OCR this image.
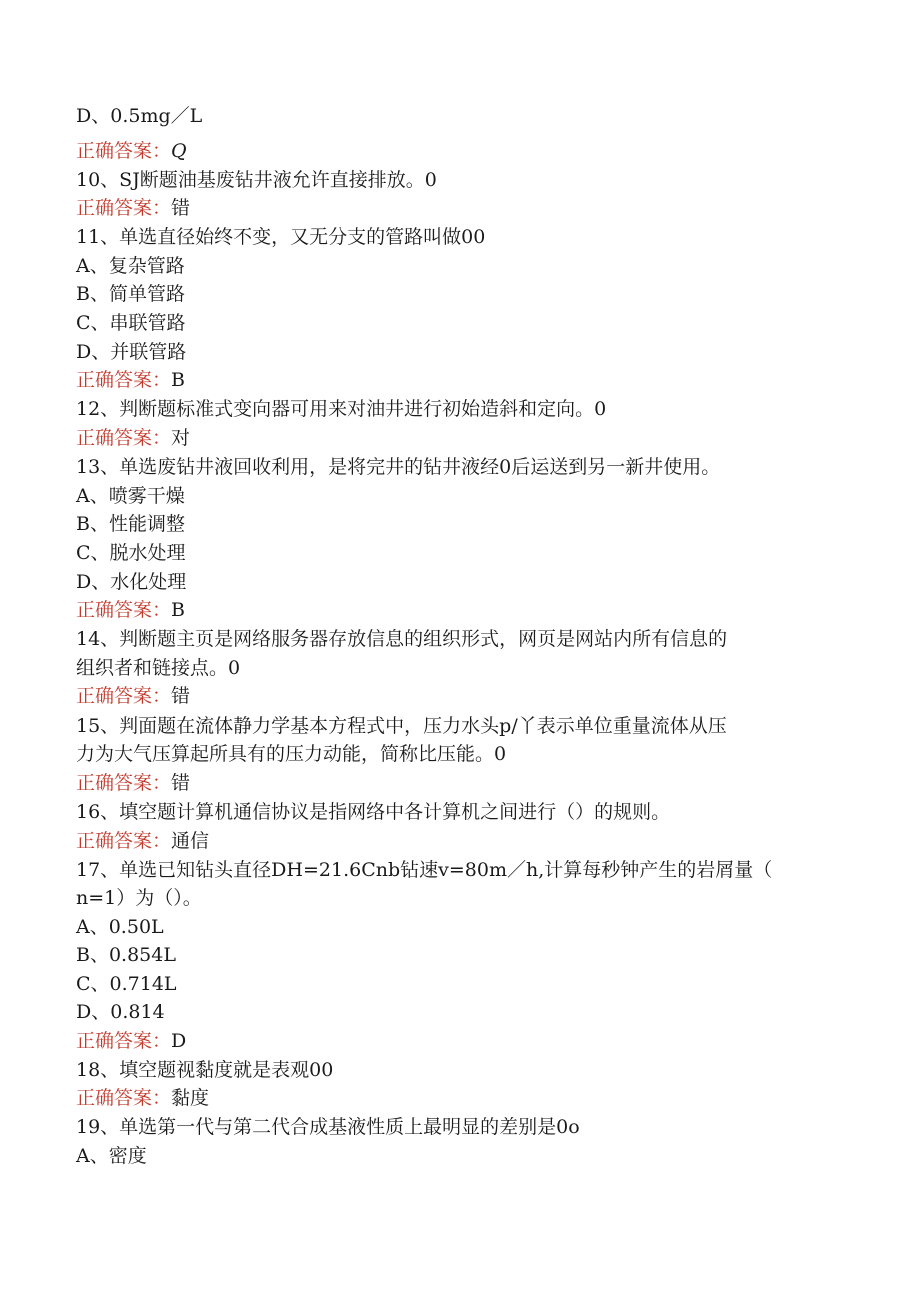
D、0.5mg／L
正确答案：Q
10、SJ断题油基废钻井液允许直接排放。0
正确答案：错
11、单选直径始终不变，又无分支的管路叫做00
A、复杂管路
B、简单管路
C、串联管路
D、并联管路
正确答案：B
12、判断题标准式变向器可用来对油井进行初始造斜和定向。0
正确答案：对
13、单选废钻井液回收利用，是将完井的钻井液经0后运送到另一新井使用。
A、喷雾干燥
B、性能调整
C、脱水处理
D、水化处理
正确答案：B
14、判断题主页是网络服务器存放信息的组织形式，网页是网站内所有信息的
组织者和链接点。0
正确答案：错
15、判面题在流体静力学基本方程式中，压力水头p/丫表示单位重量流体从压
力为大气压算起所具有的压力动能，简称比压能。0
正确答案：错
16、填空题计算机通信协议是指网络中各计算机之间进行（）的规则。
正确答案：通信
17、单选已知钻头直径DH=21.6Cnb钻速v=80m／h,计算每秒钟产生的岩屑量（
n=1）为（）。
A、0.50L
B、0.854L
C、0.714L
D、0.814
正确答案：D
18、填空题视黏度就是表观00
正确答案：黏度
19、单选第一代与第二代合成基液性质上最明显的差别是0o
A、密度
